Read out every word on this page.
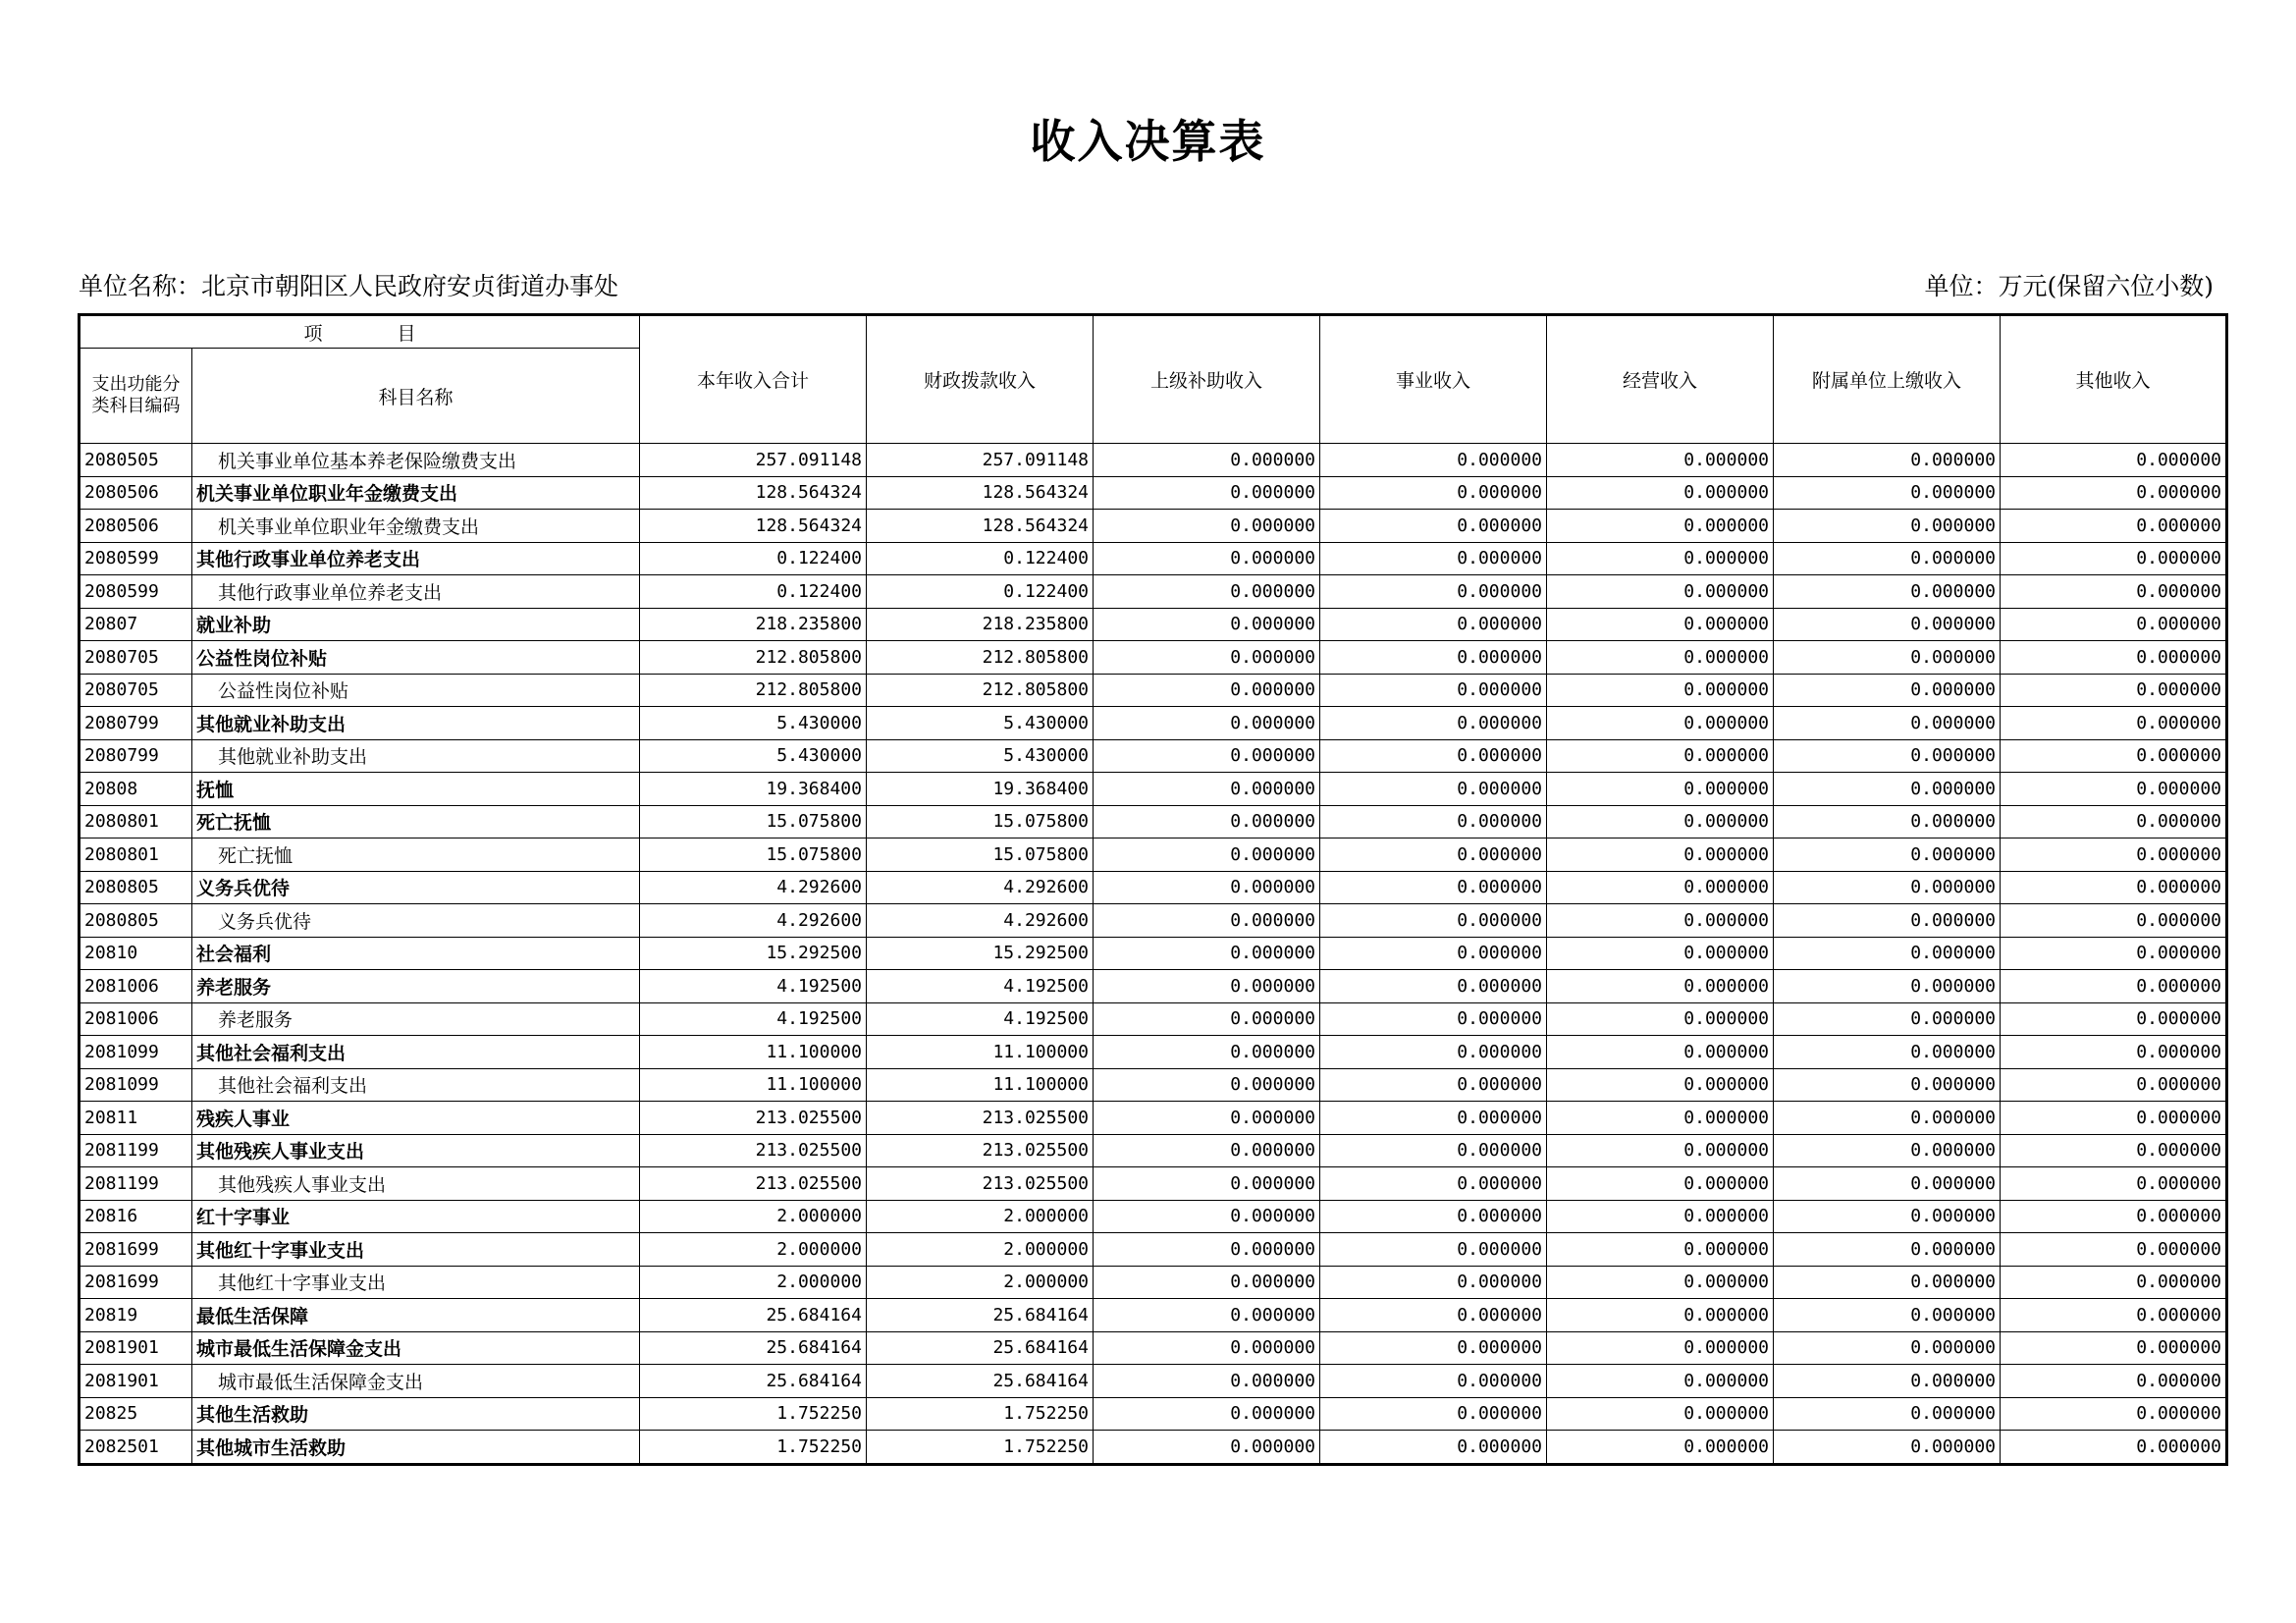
收入决算表
单位名称：北京市朝阳区人民政府安贞街道办事处	单位：万元(保留六位小数)
项　　　　目		本年收入合计	财政拨款收入	上级补助收入	事业收入	经营收入	附属单位上缴收入	其他收入
支出功能分类科目编码	科目名称							
2080505	机关事业单位基本养老保险缴费支出	257.091148	257.091148	0.000000	0.000000	0.000000	0.000000	0.000000
2080506	机关事业单位职业年金缴费支出	128.564324	128.564324	0.000000	0.000000	0.000000	0.000000	0.000000
2080506	机关事业单位职业年金缴费支出	128.564324	128.564324	0.000000	0.000000	0.000000	0.000000	0.000000
2080599	其他行政事业单位养老支出	0.122400	0.122400	0.000000	0.000000	0.000000	0.000000	0.000000
2080599	其他行政事业单位养老支出	0.122400	0.122400	0.000000	0.000000	0.000000	0.000000	0.000000
20807	就业补助	218.235800	218.235800	0.000000	0.000000	0.000000	0.000000	0.000000
2080705	公益性岗位补贴	212.805800	212.805800	0.000000	0.000000	0.000000	0.000000	0.000000
2080705	公益性岗位补贴	212.805800	212.805800	0.000000	0.000000	0.000000	0.000000	0.000000
2080799	其他就业补助支出	5.430000	5.430000	0.000000	0.000000	0.000000	0.000000	0.000000
2080799	其他就业补助支出	5.430000	5.430000	0.000000	0.000000	0.000000	0.000000	0.000000
20808	抚恤	19.368400	19.368400	0.000000	0.000000	0.000000	0.000000	0.000000
2080801	死亡抚恤	15.075800	15.075800	0.000000	0.000000	0.000000	0.000000	0.000000
2080801	死亡抚恤	15.075800	15.075800	0.000000	0.000000	0.000000	0.000000	0.000000
2080805	义务兵优待	4.292600	4.292600	0.000000	0.000000	0.000000	0.000000	0.000000
2080805	义务兵优待	4.292600	4.292600	0.000000	0.000000	0.000000	0.000000	0.000000
20810	社会福利	15.292500	15.292500	0.000000	0.000000	0.000000	0.000000	0.000000
2081006	养老服务	4.192500	4.192500	0.000000	0.000000	0.000000	0.000000	0.000000
2081006	养老服务	4.192500	4.192500	0.000000	0.000000	0.000000	0.000000	0.000000
2081099	其他社会福利支出	11.100000	11.100000	0.000000	0.000000	0.000000	0.000000	0.000000
2081099	其他社会福利支出	11.100000	11.100000	0.000000	0.000000	0.000000	0.000000	0.000000
20811	残疾人事业	213.025500	213.025500	0.000000	0.000000	0.000000	0.000000	0.000000
2081199	其他残疾人事业支出	213.025500	213.025500	0.000000	0.000000	0.000000	0.000000	0.000000
2081199	其他残疾人事业支出	213.025500	213.025500	0.000000	0.000000	0.000000	0.000000	0.000000
20816	红十字事业	2.000000	2.000000	0.000000	0.000000	0.000000	0.000000	0.000000
2081699	其他红十字事业支出	2.000000	2.000000	0.000000	0.000000	0.000000	0.000000	0.000000
2081699	其他红十字事业支出	2.000000	2.000000	0.000000	0.000000	0.000000	0.000000	0.000000
20819	最低生活保障	25.684164	25.684164	0.000000	0.000000	0.000000	0.000000	0.000000
2081901	城市最低生活保障金支出	25.684164	25.684164	0.000000	0.000000	0.000000	0.000000	0.000000
2081901	城市最低生活保障金支出	25.684164	25.684164	0.000000	0.000000	0.000000	0.000000	0.000000
20825	其他生活救助	1.752250	1.752250	0.000000	0.000000	0.000000	0.000000	0.000000
2082501	其他城市生活救助	1.752250	1.752250	0.000000	0.000000	0.000000	0.000000	0.000000
